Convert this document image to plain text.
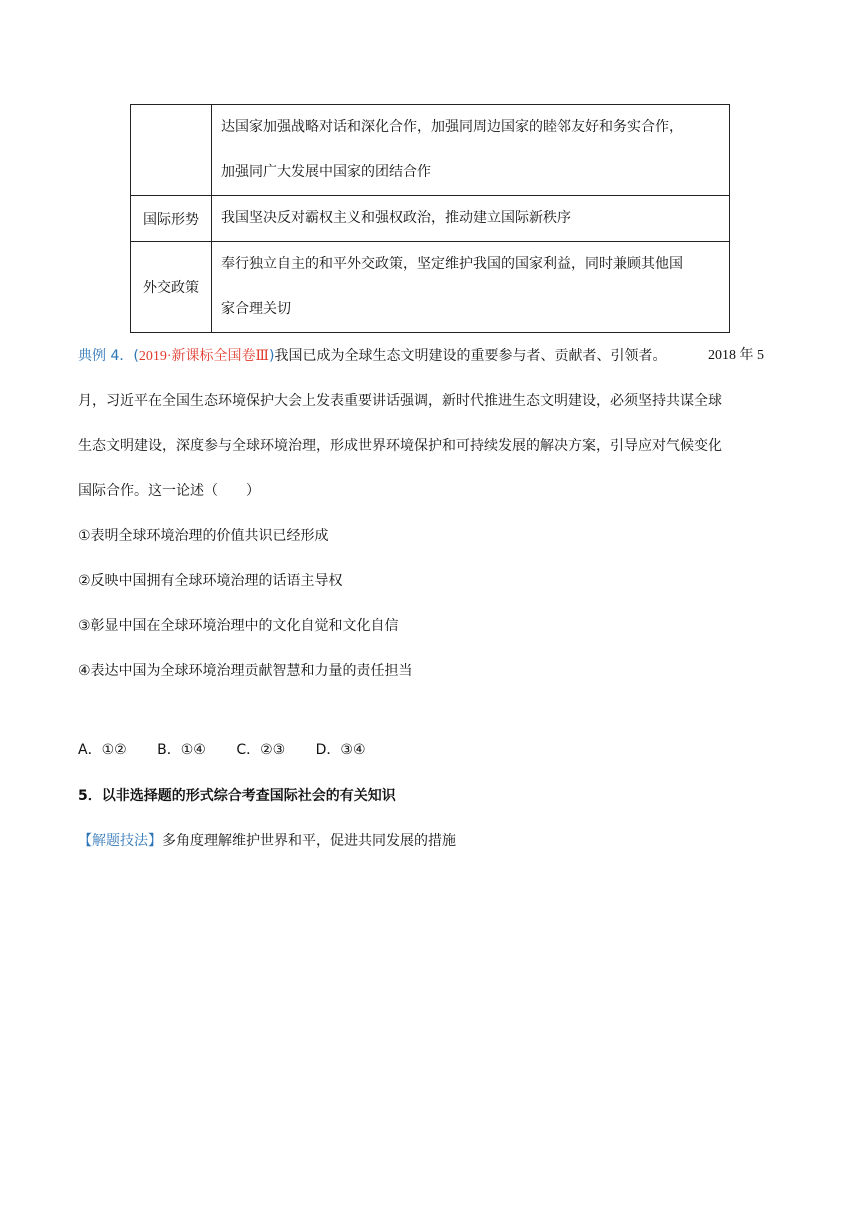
	达国家加强战略对话和深化合作，加强同周边国家的睦邻友好和务实合作，
加强同广大发展中国家的团结合作

国际形势	我国坚决反对霸权主义和强权政治，推动建立国际新秩序

外交政策	奉行独立自主的和平外交政策，坚定维护我国的国家利益，同时兼顾其他国
家合理关切
典例 4．(2019·新课标全国卷Ⅲ)我国已成为全球生态文明建设的重要参与者、贡献者、引领者。	2018 年 5
月，习近平在全国生态环境保护大会上发表重要讲话强调，新时代推进生态文明建设，必须坚持共谋全球
生态文明建设，深度参与全球环境治理，形成世界环境保护和可持续发展的解决方案，引导应对气候变化
国际合作。这一论述（　　）
①表明全球环境治理的价值共识已经形成
②反映中国拥有全球环境治理的话语主导权
③彰显中国在全球环境治理中的文化自觉和文化自信
④表达中国为全球环境治理贡献智慧和力量的责任担当
A．①② B．①④ C．②③ D．③④
5．以非选择题的形式综合考查国际社会的有关知识
【解题技法】多角度理解维护世界和平，促进共同发展的措施
